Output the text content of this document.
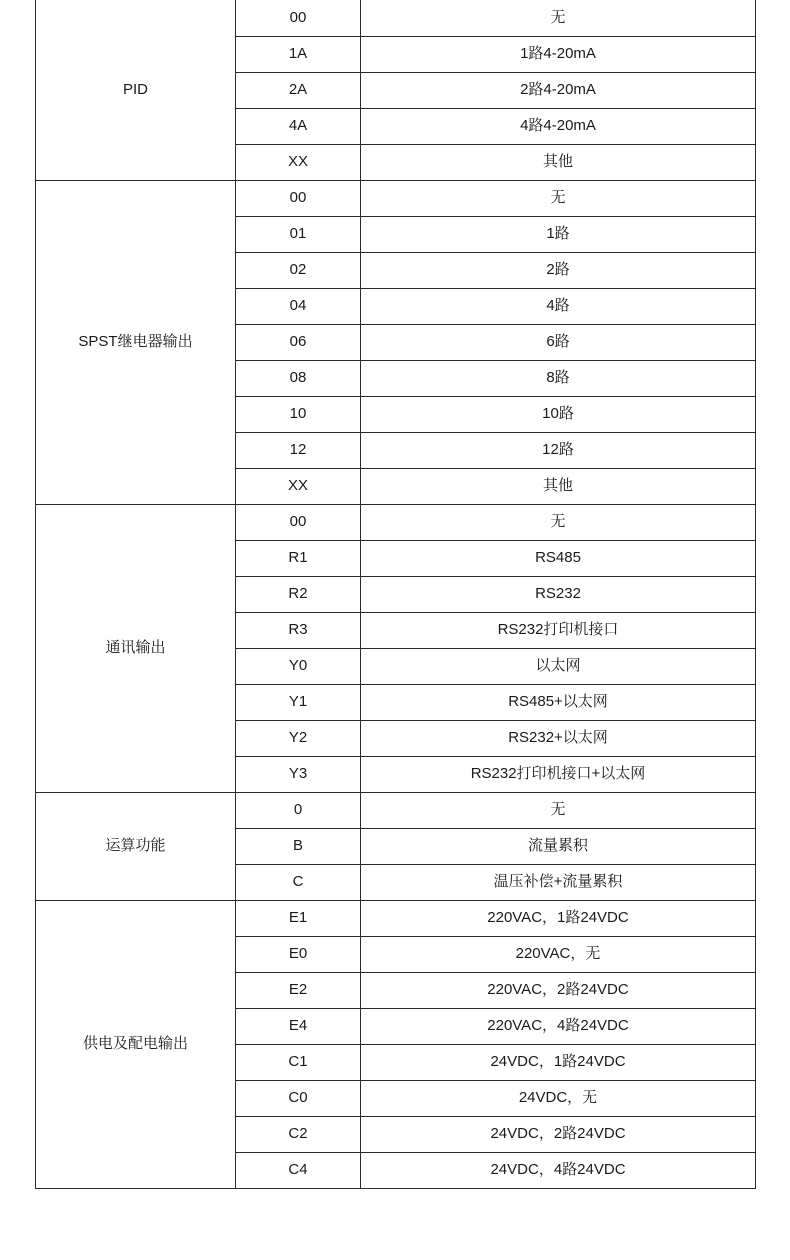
PID	00	无
	1A	1路4-20mA
	2A	2路4-20mA
	4A	4路4-20mA
	XX	其他
SPST继电器输出	00	无
	01	1路
	02	2路
	04	4路
	06	6路
	08	8路
	10	10路
	12	12路
	XX	其他
通讯输出	00	无
	R1	RS485
	R2	RS232
	R3	RS232打印机接口
	Y0	以太网
	Y1	RS485+以太网
	Y2	RS232+以太网
	Y3	RS232打印机接口+以太网
运算功能	0	无
	B	流量累积
	C	温压补偿+流量累积
供电及配电输出	E1	220VAC，1路24VDC
	E0	220VAC，无
	E2	220VAC，2路24VDC
	E4	220VAC，4路24VDC
	C1	24VDC，1路24VDC
	C0	24VDC，无
	C2	24VDC，2路24VDC
	C4	24VDC，4路24VDC
